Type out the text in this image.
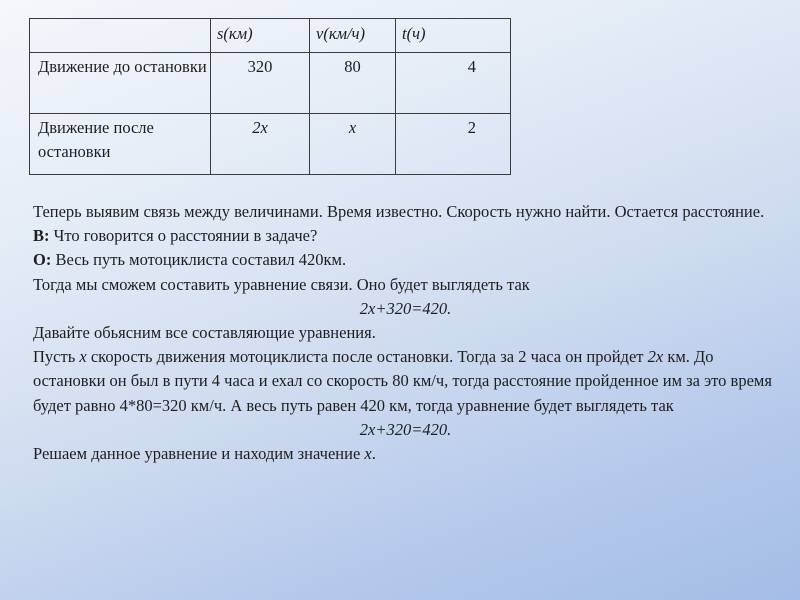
	s(км)	v(км/ч)	t(ч)
Движение до остановки	320	80	4
Движение после остановки	2x	x	2

Теперь выявим связь между величинами. Время известно. Скорость нужно найти. Остается расстояние.

В: Что говорится о расстоянии в задаче?

О: Весь путь мотоциклиста составил 420км.

Тогда мы сможем составить уравнение связи. Оно будет выглядеть так

2x+320=420.

Давайте обьясним все составляющие уравнения.

Пусть x скорость движения мотоциклиста после остановки. Тогда за 2 часа он пройдет 2x км. До остановки он был в пути 4 часа и ехал со скорость 80 км/ч, тогда расстояние пройденное им за это время будет равно 4*80=320 км/ч. А весь путь равен 420 км, тогда уравнение будет выглядеть так

2x+320=420.

Решаем данное уравнение и находим значение x.
